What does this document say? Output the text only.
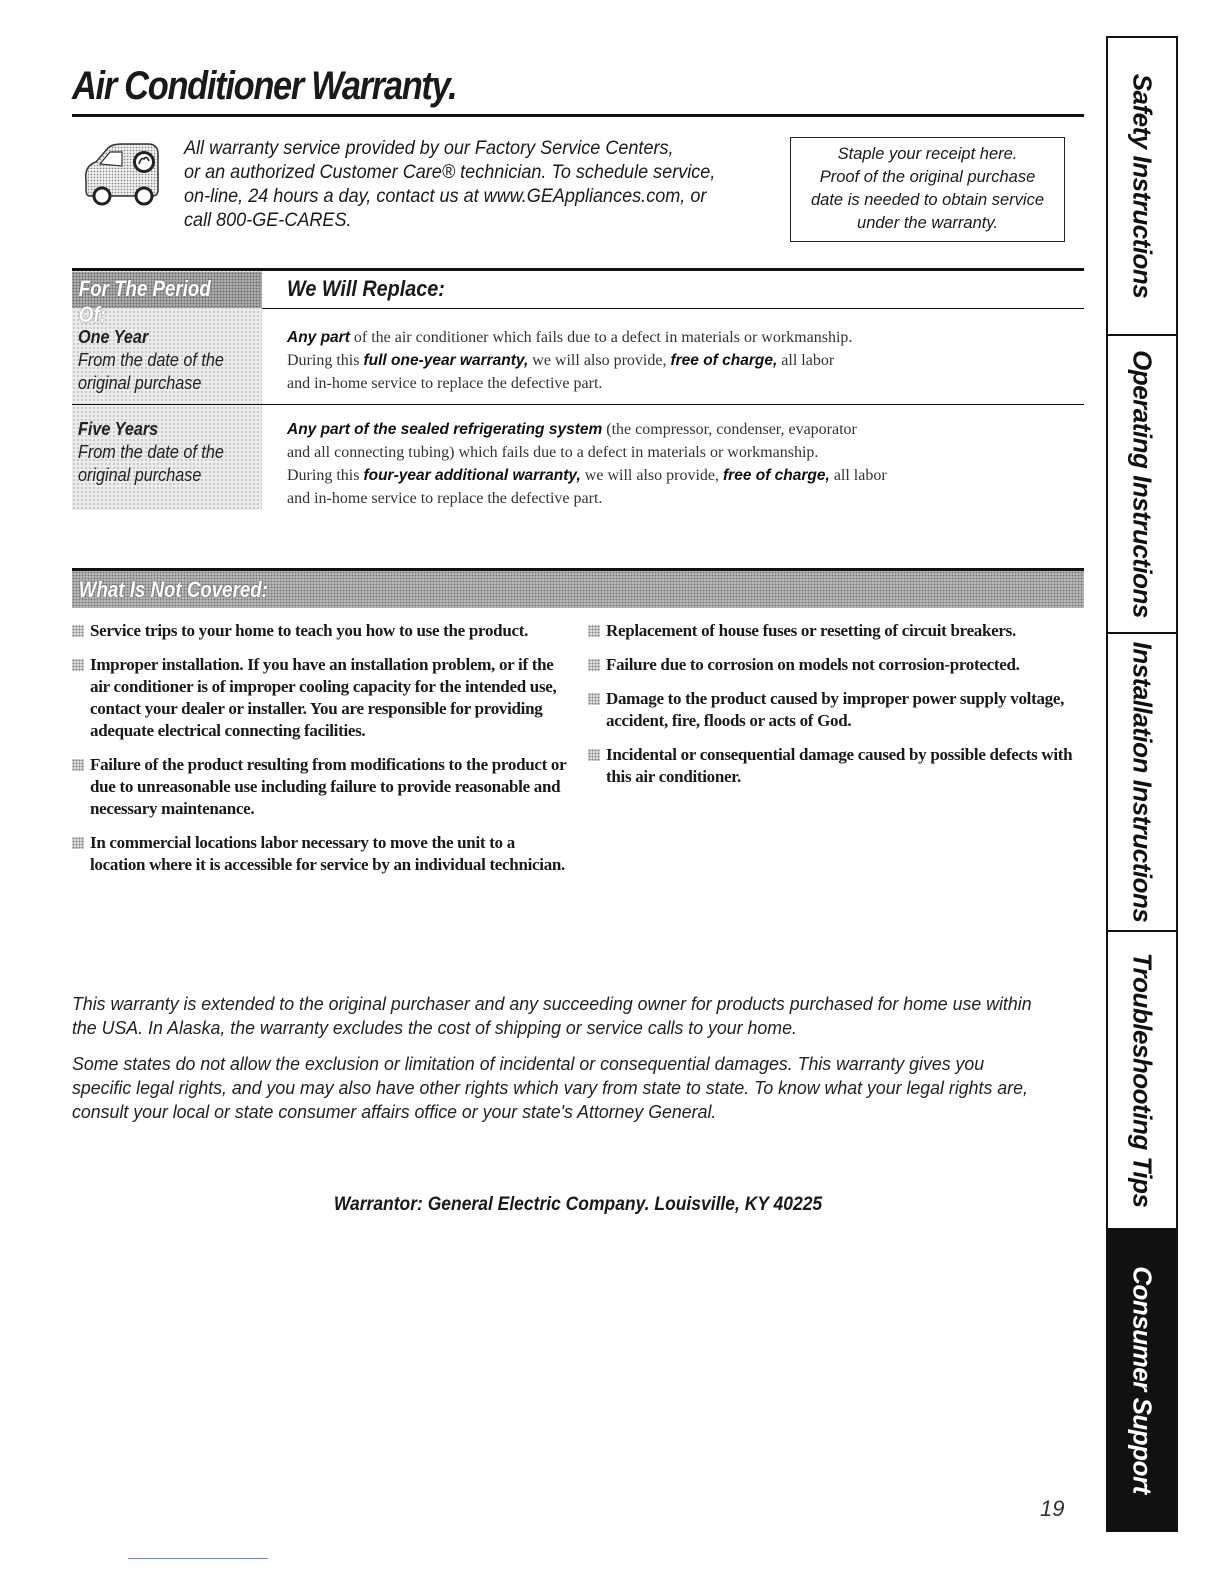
Air Conditioner Warranty.
All warranty service provided by our Factory Service Centers,
or an authorized Customer Care® technician. To schedule service,
on-line, 24 hours a day, contact us at www.GEAppliances.com, or
call 800-GE-CARES.
Staple your receipt here.
Proof of the original purchase
date is needed to obtain service
under the warranty.
For The Period Of:
We Will Replace:
One Year
From the date of the
original purchase
Any part of the air conditioner which fails due to a defect in materials or workmanship.
During this full one-year warranty, we will also provide, free of charge, all labor
and in-home service to replace the defective part.
Five Years
From the date of the
original purchase
Any part of the sealed refrigerating system (the compressor, condenser, evaporator
and all connecting tubing) which fails due to a defect in materials or workmanship.
During this four-year additional warranty, we will also provide, free of charge, all labor
and in-home service to replace the defective part.
What Is Not Covered:
Service trips to your home to teach you how to use the product.
Improper installation. If you have an installation problem, or if the air conditioner is of improper cooling capacity for the intended use, contact your dealer or installer. You are responsible for providing adequate electrical connecting facilities.
Failure of the product resulting from modifications to the product or due to unreasonable use including failure to provide reasonable and necessary maintenance.
In commercial locations labor necessary to move the unit to a location where it is accessible for service by an individual technician.
Replacement of house fuses or resetting of circuit breakers.
Failure due to corrosion on models not corrosion-protected.
Damage to the product caused by improper power supply voltage, accident, fire, floods or acts of God.
Incidental or consequential damage caused by possible defects with this air conditioner.
This warranty is extended to the original purchaser and any succeeding owner for products purchased for home use within the USA. In Alaska, the warranty excludes the cost of shipping or service calls to your home.
Some states do not allow the exclusion or limitation of incidental or consequential damages. This warranty gives you specific legal rights, and you may also have other rights which vary from state to state. To know what your legal rights are, consult your local or state consumer affairs office or your state's Attorney General.
Warrantor: General Electric Company. Louisville, KY 40225
19
Safety Instructions
Operating Instructions
Installation Instructions
Troubleshooting Tips
Consumer Support
